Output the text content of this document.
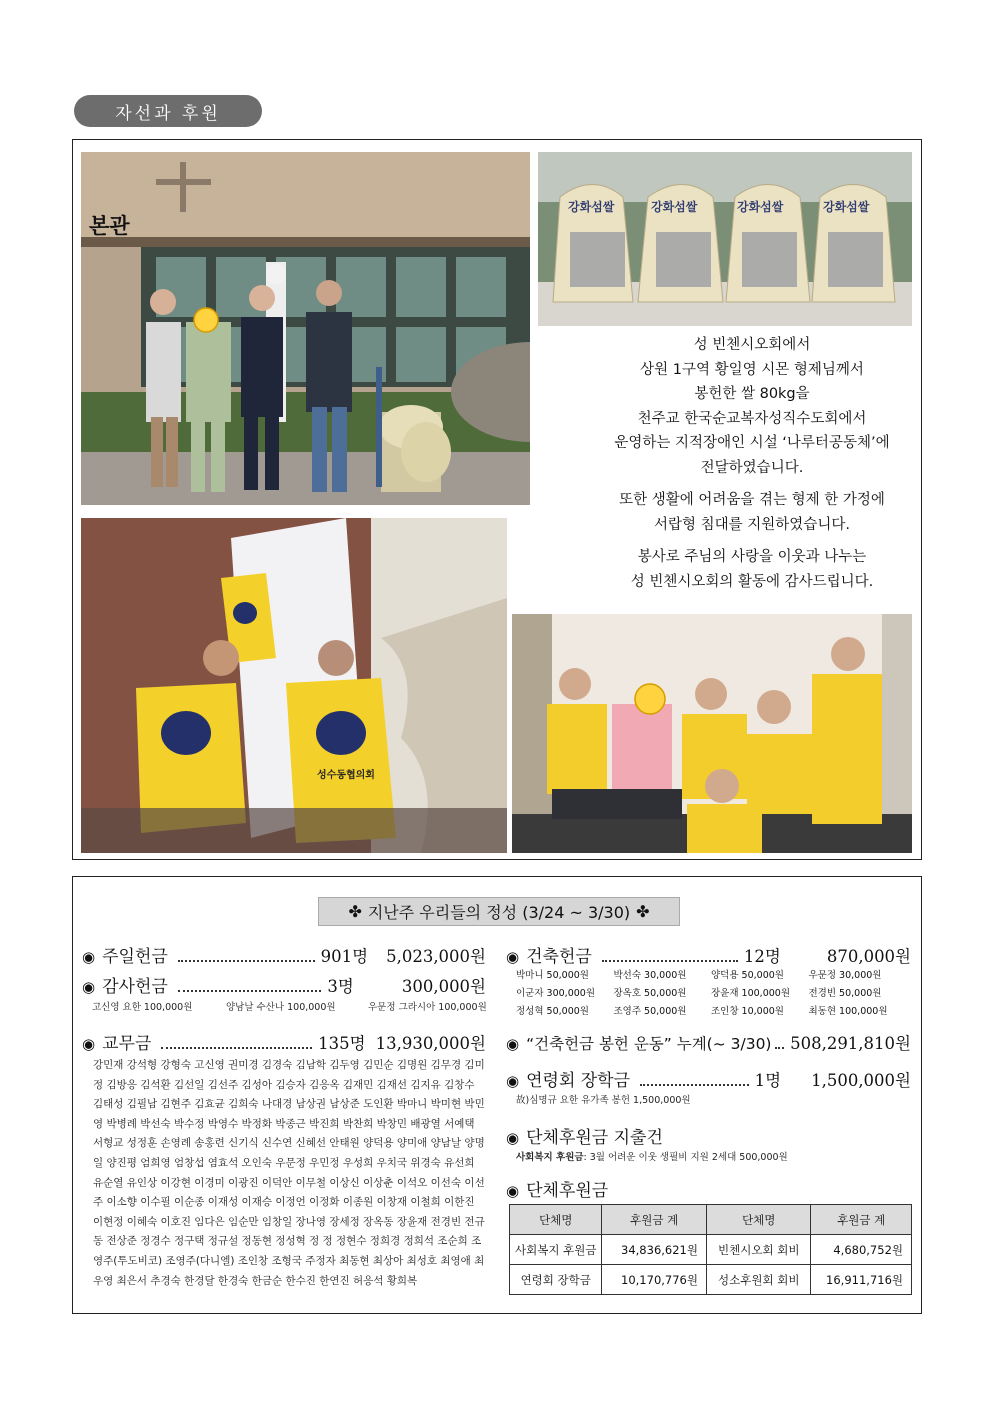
자선과 후원
본관
강화섬쌀	강화섬쌀	강화섬쌀	강화섬쌀

성 빈첸시오회에서
상원 1구역 황일영 시몬 형제님께서
봉헌한 쌀 80kg을
천주교 한국순교복자성직수도회에서
운영하는 지적장애인 시설 ‘나루터공동체’에
전달하였습니다.

또한 생활에 어려움을 겪는 형제 한 가정에
서랍형 침대를 지원하였습니다.

봉사로 주님의 사랑을 이웃과 나누는
성 빈첸시오회의 활동에 감사드립니다.

성수동협의회
✤ 지난주 우리들의 정성 (3/24 ~ 3/30) ✤
◉ 주일헌금	901명 5,023,000원
◉ 감사헌금	3명	300,000원
고신영 요한 100,000원	양남날 수산나 100,000원	우문정 그라시아 100,000원
◉ 교무금	135명 13,930,000원
강민재 강석형 강형숙 고신영 권미경 김경숙 김남학 김두영 김민순 김명원 김무경 김미정 김방응 김석환 김선일 김선주 김성아 김승자 김응옥 김재민 김재선 김지유 김창수 김태성 김필남 김현주 김효균 김희숙 나대경 남상권 남상준 도인환 박마니 박미현 박민영 박병례 박선숙 박수정 박영수 박정화 박종근 박진희 박찬희 박창민 배광열 서예택 서형교 성정훈 손영례 송홍련 신기식 신수연 신혜선 안태원 양덕용 양미애 양남날 양명일 양진평 엄희영 엄창섭 염효석 오인숙 우문정 우민정 우성희 우치국 위경숙 유선희 유순열 유인상 이강현 이경미 이광진 이덕안 이무철 이상신 이상춘 이석오 이선숙 이선주 이소향 이수필 이순종 이재성 이재승 이정언 이정화 이종원 이창재 이철희 이한진 이현정 이혜숙 이호진 임다은 임순만 임창일 장나영 장세정 장옥동 장윤재 전경빈 전규동 전상준 정경수 정구택 정규설 정동현 정성혁 정 정 정현수 정희경 정희석 조순희 조영주(투도비코) 조영주(다니엘) 조인창 조형국 주정자 최동현 최상아 최성호 최영애 최우영 최은서 추경숙 한경달 한경숙 한금순 한수진 한연진 허응석 황희복
◉ 건축헌금	12명	870,000원
박마니 50,000원	박선숙 30,000원	양덕용 50,000원	우문정 30,000원
이군자 300,000원	장옥호 50,000원	장윤재 100,000원	전경빈 50,000원
정성혁 50,000원	조영주 50,000원	조인창 10,000원	최동현 100,000원
◉ “건축헌금 봉헌 운동” 누계(~ 3/30) 508,291,810원
◉ 연령회 장학금	1명 1,500,000원
故)심명규 요한 유가족 봉헌 1,500,000원
◉ 단체후원금 지출건
사회복지 후원금: 3월 어려운 이웃 생필비 지원 2세대 500,000원
◉ 단체후원금
단체명	후원금 계	단체명	후원금 계
사회복지 후원금	34,836,621원	빈첸시오회 회비	4,680,752원
연령회 장학금	10,170,776원	성소후원회 회비	16,911,716원
